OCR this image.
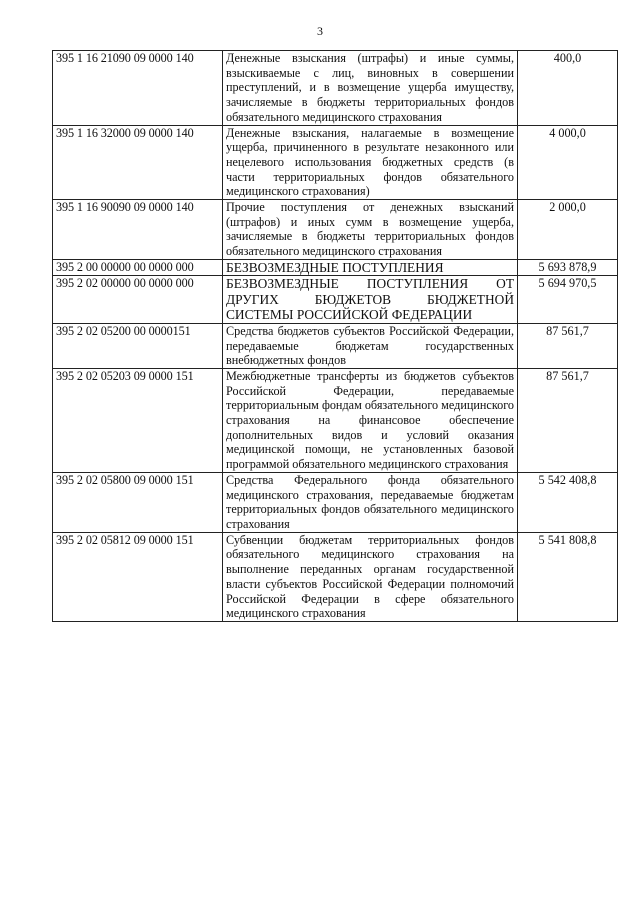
3
395 1 16 21090 09 0000 140	Денежные взыскания (штрафы) и иные суммы, взыскиваемые с лиц, виновных в совершении преступлений, и в возмещение ущерба имуществу, зачисляемые в бюджеты территориальных фондов обязательного медицинского страхования	400,0
395 1 16 32000 09 0000 140	Денежные взыскания, налагаемые в возмещение ущерба, причиненного в результате незаконного или нецелевого использования бюджетных средств (в части территориальных фондов обязательного медицинского страхования)	4 000,0
395 1 16 90090 09 0000 140	Прочие поступления от денежных взысканий (штрафов) и иных сумм в возмещение ущерба, зачисляемые в бюджеты территориальных фондов обязательного медицинского страхования	2 000,0
395 2 00 00000 00 0000 000	БЕЗВОЗМЕЗДНЫЕ ПОСТУПЛЕНИЯ	5 693 878,9
395 2 02 00000 00 0000 000	БЕЗВОЗМЕЗДНЫЕ ПОСТУПЛЕНИЯ ОТ ДРУГИХ БЮДЖЕТОВ БЮДЖЕТНОЙ СИСТЕМЫ РОССИЙСКОЙ ФЕДЕРАЦИИ	5 694 970,5
395 2 02 05200 00 0000151	Средства бюджетов субъектов Российской Федерации, передаваемые бюджетам государственных внебюджетных фондов	87 561,7
395 2 02 05203 09 0000 151	Межбюджетные трансферты из бюджетов субъектов Российской Федерации, передаваемые территориальным фондам обязательного медицинского страхования на финансовое обеспечение дополнительных видов и условий оказания медицинской помощи, не установленных базовой программой обязательного медицинского страхования	87 561,7
395 2 02 05800 09 0000 151	Средства Федерального фонда обязательного медицинского страхования, передаваемые бюджетам территориальных фондов обязательного медицинского страхования	5 542 408,8
395 2 02 05812 09 0000 151	Субвенции бюджетам территориальных фондов обязательного медицинского страхования на выполнение переданных органам государственной власти субъектов Российской Федерации полномочий Российской Федерации в сфере обязательного медицинского страхования	5 541 808,8
